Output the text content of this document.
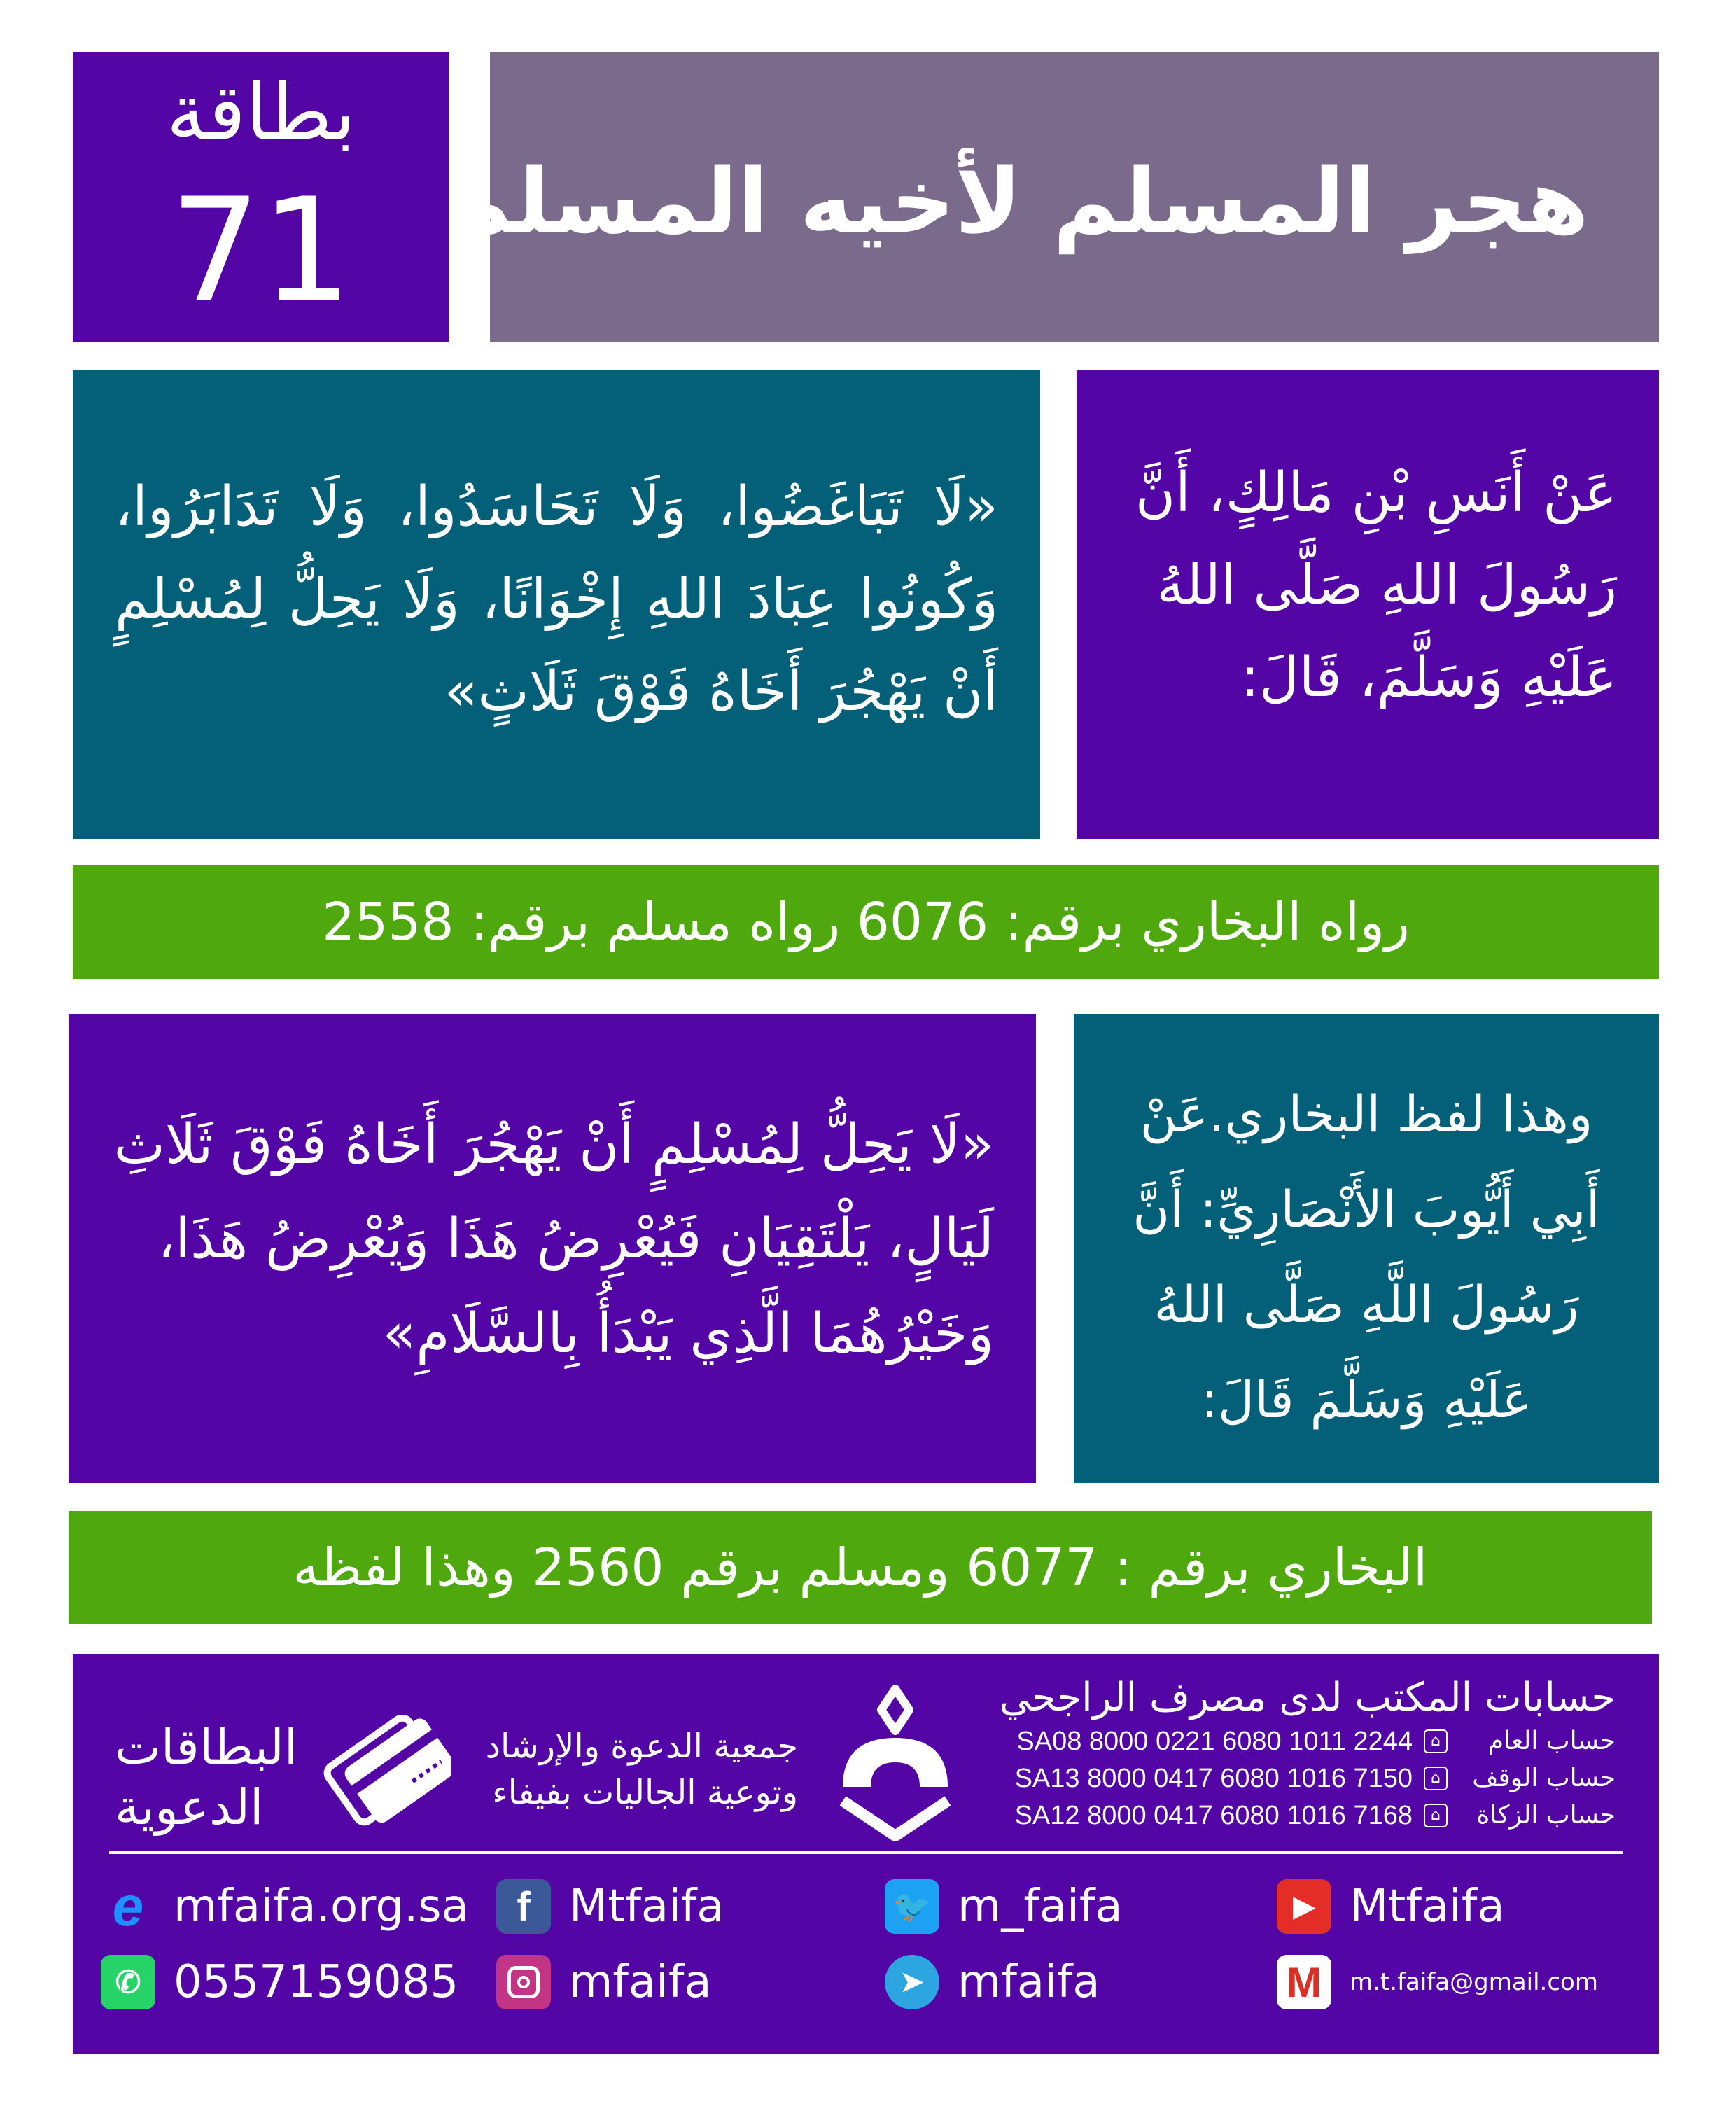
بطاقة
71	هجر المسلم لأخيه المسلم
عَنْ أَنَسِ بْنِ مَالِكٍ، أَنَّ رَسُولَ اللهِ صَلَّى اللهُ عَلَيْهِ وَسَلَّمَ، قَالَ:
«لَا تَبَاغَضُوا، وَلَا تَحَاسَدُوا، وَلَا تَدَابَرُوا، وَكُونُوا عِبَادَ اللهِ إِخْوَانًا، وَلَا يَحِلُّ لِمُسْلِمٍ أَنْ يَهْجُرَ أَخَاهُ فَوْقَ ثَلَاثٍ»
رواه البخاري برقم: 6076 رواه مسلم برقم: 2558
وهذا لفظ البخاري.عَنْ أَبِي أَيُّوبَ الأَنْصَارِيِّ: أَنَّ رَسُولَ اللَّهِ صَلَّى اللهُ عَلَيْهِ وَسَلَّمَ قَالَ:
«لَا يَحِلُّ لِمُسْلِمٍ أَنْ يَهْجُرَ أَخَاهُ فَوْقَ ثَلَاثِ لَيَالٍ، يَلْتَقِيَانِ فَيُعْرِضُ هَذَا وَيُعْرِضُ هَذَا، وَخَيْرُهُمَا الَّذِي يَبْدَأُ بِالسَّلَامِ»
البخاري برقم : 6077 ومسلم برقم 2560 وهذا لفظه
حسابات المكتب لدى مصرف الراجحي
حساب العام
SA08 8000 0221 6080 1011 2244	⌂
حساب الوقف
SA13 8000 0417 6080 1016 7150	⌂
حساب الزكاة
SA12 8000 0417 6080 1016 7168	⌂
جمعية الدعوة والإرشاد
وتوعية الجاليات بفيفاء
البطاقات
الدعوية
e mfaifa.org.sa	f Mtfaifa	🐦 m_faifa	▶ Mtfaifa
✆ 0557159085 mfaifa	➤ mfaifa	M	m.t.faifa@gmail.com
